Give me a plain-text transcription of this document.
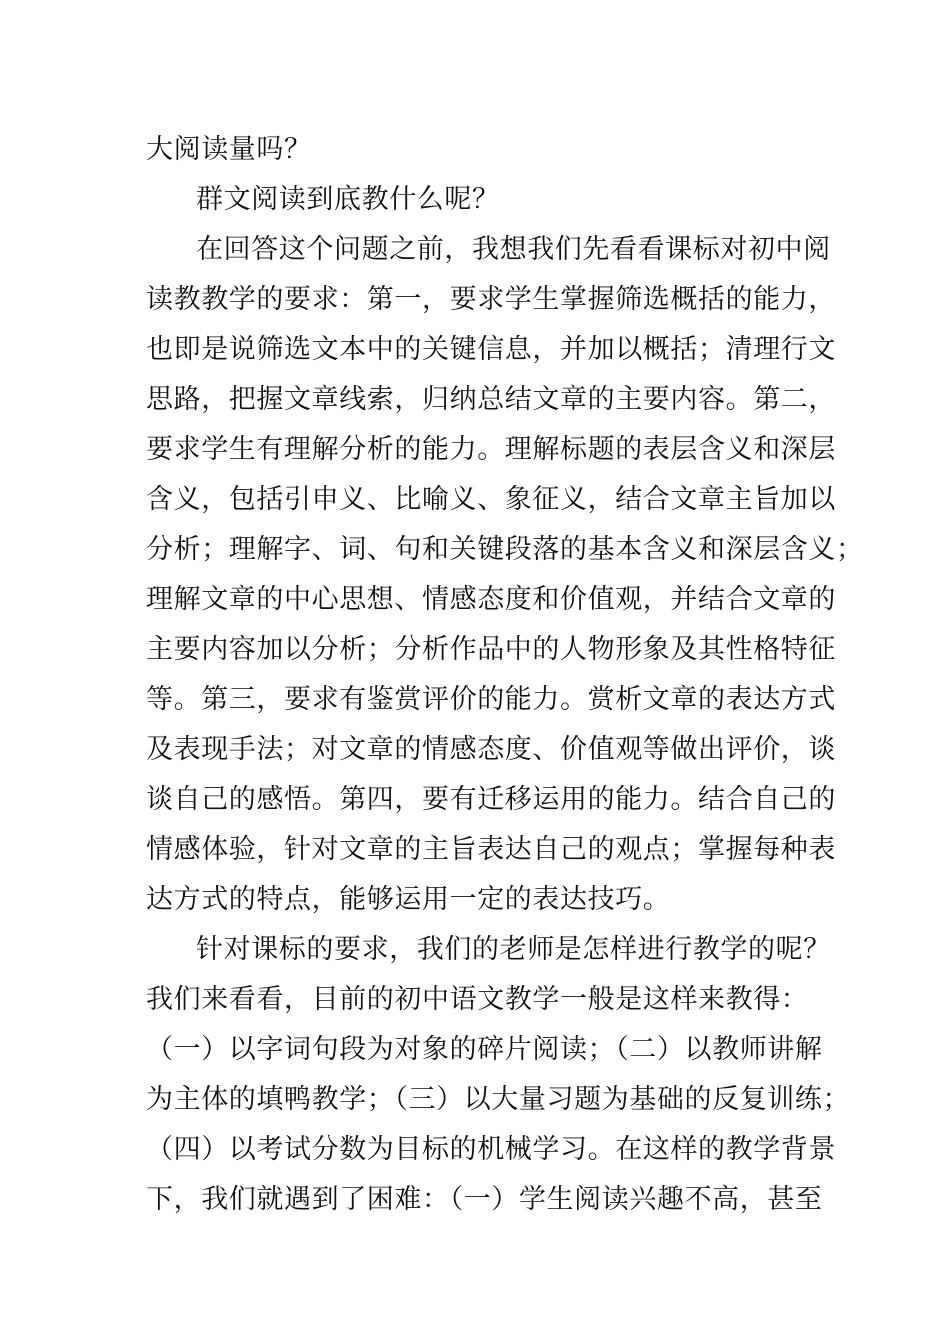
大阅读量吗？
群文阅读到底教什么呢？
在回答这个问题之前，我想我们先看看课标对初中阅
读教教学的要求：第一，要求学生掌握筛选概括的能力，
也即是说筛选文本中的关键信息，并加以概括；清理行文
思路，把握文章线索，归纳总结文章的主要内容。第二，
要求学生有理解分析的能力。理解标题的表层含义和深层
含义，包括引申义、比喻义、象征义，结合文章主旨加以
分析；理解字、词、句和关键段落的基本含义和深层含义；
理解文章的中心思想、情感态度和价值观，并结合文章的
主要内容加以分析；分析作品中的人物形象及其性格特征
等。第三，要求有鉴赏评价的能力。赏析文章的表达方式
及表现手法；对文章的情感态度、价值观等做出评价，谈
谈自己的感悟。第四，要有迁移运用的能力。结合自己的
情感体验，针对文章的主旨表达自己的观点；掌握每种表
达方式的特点，能够运用一定的表达技巧。
针对课标的要求，我们的老师是怎样进行教学的呢？
我们来看看，目前的初中语文教学一般是这样来教得：
（一）以字词句段为对象的碎片阅读；（二）以教师讲解
为主体的填鸭教学；（三）以大量习题为基础的反复训练；
（四）以考试分数为目标的机械学习。在这样的教学背景
下，我们就遇到了困难：（一）学生阅读兴趣不高，甚至
